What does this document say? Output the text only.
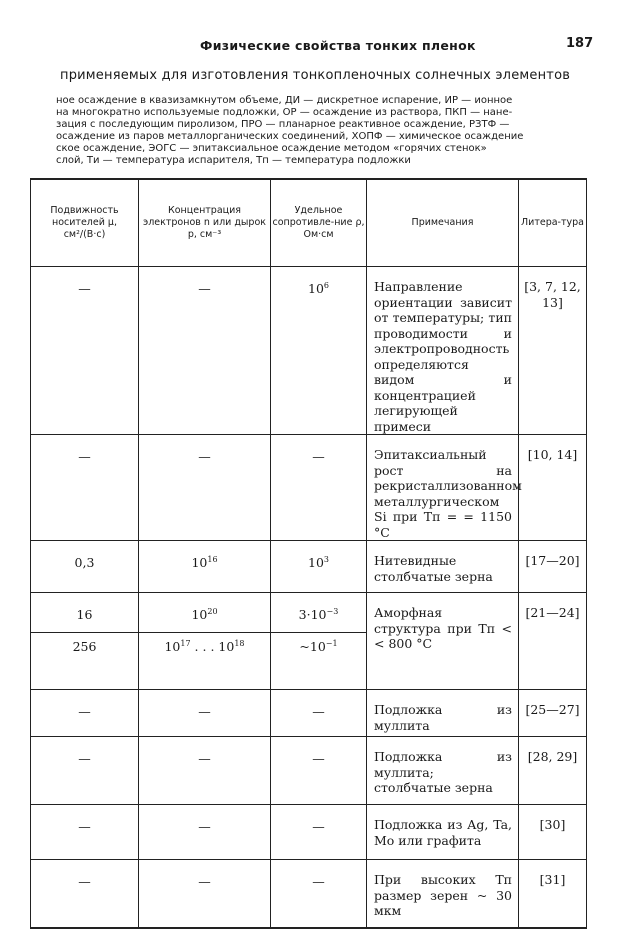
Физические свойства тонких пленок	187
применяемых для изготовления тонкопленочных солнечных элементов
ное осаждение в квазизамкнутом объеме, ДИ — дискретное испарение, ИР — ионное
на многократно используемые подложки, ОР — осаждение из раствора, ПКП — нане-
зация с последующим пиролизом, ПРО — планарное реактивное осаждение, РЗТФ —
осаждение из паров металлорганических соединений, ХОПФ — химическое осаждение
ское осаждение, ЭОГС — эпитаксиальное осаждение методом «горячих стенок»
слой, Tи — температура испарителя, Tп — температура подложки
Подвижность носителей μ, см²/(В·с)	Концентрация электронов n или дырок p, см⁻³	Удельное сопротивле-ние ρ, Ом·см	Примечания	Литера-тура

—	—	$10^6$	Направление ориентации зависит от температуры; тип проводимости и электропроводность определяются видом и концентрацией легирующей примеси	[3, 7, 12, 13]

—	—	—	Эпитаксиальный рост на рекристаллизованном металлургическом Si при Tп = = 1150 °C	[10, 14]

0,3	$10^{16}$	$10^3$	Нитевидные столбчатые зерна	[17—20]

16	$10^{20}$	$3\cdot 10^{-3}$	Аморфная структура при Tп < < 800 °C	[21—24]

256	$10^{17}$ . . . $10^{18}$	$\sim 10^{-1}$

—	—	—	Подложка из муллита	[25—27]

—	—	—	Подложка из муллита; столбчатые зерна	[28, 29]

—	—	—	Подложка из Ag, Ta, Mo или графита	[30]

—	—	—	При высоких Tп размер зерен ~ 30 мкм	[31]
